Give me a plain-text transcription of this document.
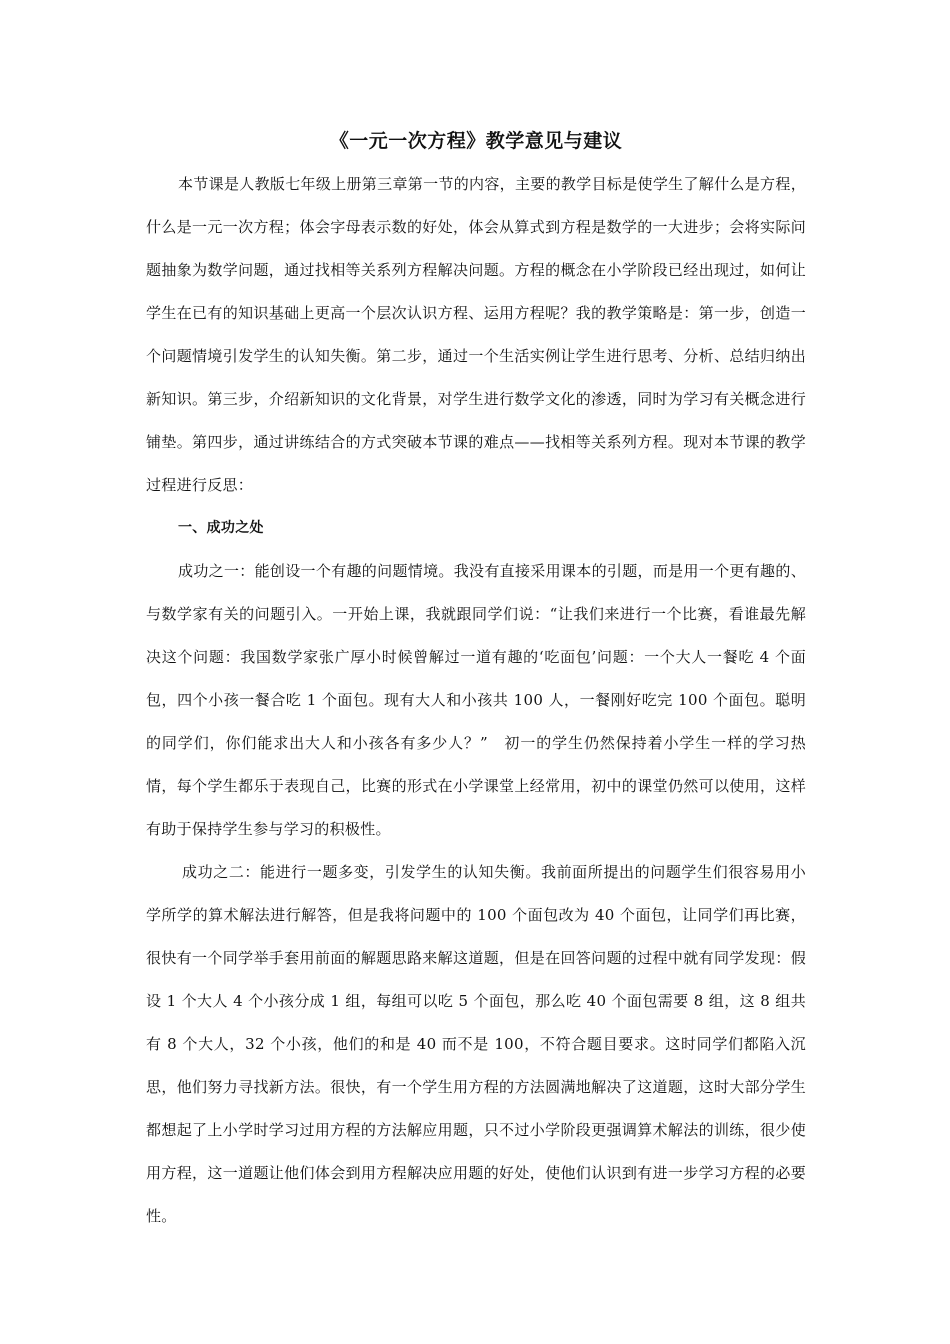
《一元一次方程》教学意见与建议

本节课是人教版七年级上册第三章第一节的内容，主要的教学目标是使学生了解什么是方程，什么是一元一次方程；体会字母表示数的好处，体会从算式到方程是数学的一大进步；会将实际问题抽象为数学问题，通过找相等关系列方程解决问题。方程的概念在小学阶段已经出现过，如何让学生在已有的知识基础上更高一个层次认识方程、运用方程呢？我的教学策略是：第一步，创造一个问题情境引发学生的认知失衡。第二步，通过一个生活实例让学生进行思考、分析、总结归纳出新知识。第三步，介绍新知识的文化背景，对学生进行数学文化的渗透，同时为学习有关概念进行铺垫。第四步，通过讲练结合的方式突破本节课的难点——找相等关系列方程。现对本节课的教学过程进行反思：

一、成功之处

成功之一：能创设一个有趣的问题情境。我没有直接采用课本的引题，而是用一个更有趣的、与数学家有关的问题引入。一开始上课，我就跟同学们说：“让我们来进行一个比赛，看谁最先解决这个问题：我国数学家张广厚小时候曾解过一道有趣的‘吃面包’问题：一个大人一餐吃 4 个面包，四个小孩一餐合吃 1 个面包。现有大人和小孩共 100 人，一餐刚好吃完 100 个面包。聪明的同学们，你们能求出大人和小孩各有多少人？”　初一的学生仍然保持着小学生一样的学习热情，每个学生都乐于表现自己，比赛的形式在小学课堂上经常用，初中的课堂仍然可以使用，这样有助于保持学生参与学习的积极性。

成功之二：能进行一题多变，引发学生的认知失衡。我前面所提出的问题学生们很容易用小学所学的算术解法进行解答，但是我将问题中的 100 个面包改为 40 个面包，让同学们再比赛，很快有一个同学举手套用前面的解题思路来解这道题，但是在回答问题的过程中就有同学发现：假设 1 个大人 4 个小孩分成 1 组，每组可以吃 5 个面包，那么吃 40 个面包需要 8 组，这 8 组共有 8 个大人，32 个小孩，他们的和是 40 而不是 100，不符合题目要求。这时同学们都陷入沉思，他们努力寻找新方法。很快，有一个学生用方程的方法圆满地解决了这道题，这时大部分学生都想起了上小学时学习过用方程的方法解应用题，只不过小学阶段更强调算术解法的训练，很少使用方程，这一道题让他们体会到用方程解决应用题的好处，使他们认识到有进一步学习方程的必要性。
